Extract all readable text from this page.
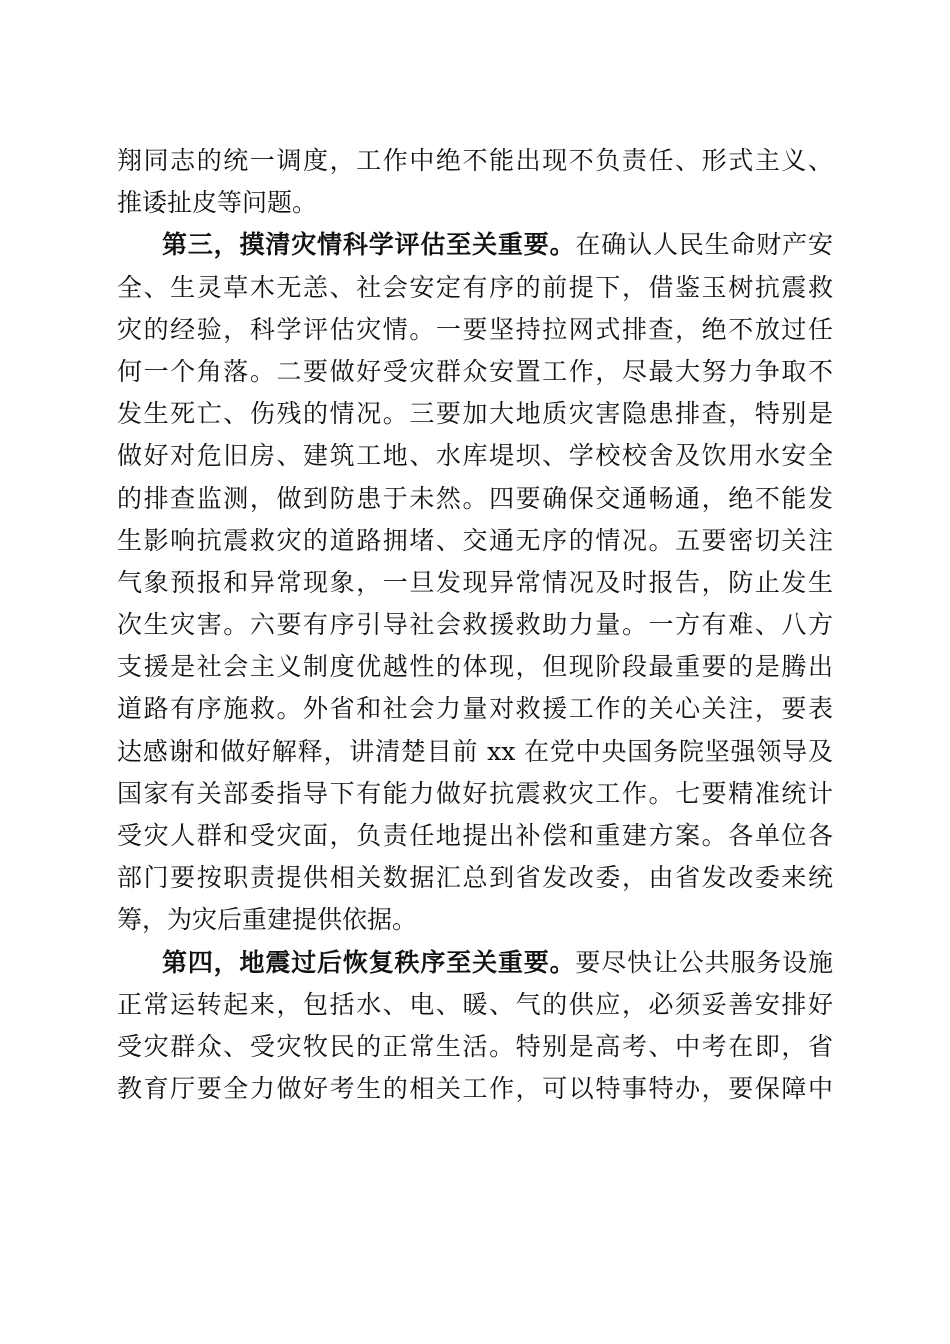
翔同志的统一调度，工作中绝不能出现不负责任、形式主义、
推诿扯皮等问题。
第三，摸清灾情科学评估至关重要。在确认人民生命财产安
全、生灵草木无恙、社会安定有序的前提下，借鉴玉树抗震救
灾的经验，科学评估灾情。一要坚持拉网式排查，绝不放过任
何一个角落。二要做好受灾群众安置工作，尽最大努力争取不
发生死亡、伤残的情况。三要加大地质灾害隐患排查，特别是
做好对危旧房、建筑工地、水库堤坝、学校校舍及饮用水安全
的排查监测，做到防患于未然。四要确保交通畅通，绝不能发
生影响抗震救灾的道路拥堵、交通无序的情况。五要密切关注
气象预报和异常现象，一旦发现异常情况及时报告，防止发生
次生灾害。六要有序引导社会救援救助力量。一方有难、八方
支援是社会主义制度优越性的体现，但现阶段最重要的是腾出
道路有序施救。外省和社会力量对救援工作的关心关注，要表
达感谢和做好解释，讲清楚目前 xx 在党中央国务院坚强领导及
国家有关部委指导下有能力做好抗震救灾工作。七要精准统计
受灾人群和受灾面，负责任地提出补偿和重建方案。各单位各
部门要按职责提供相关数据汇总到省发改委，由省发改委来统
筹，为灾后重建提供依据。
第四，地震过后恢复秩序至关重要。要尽快让公共服务设施
正常运转起来，包括水、电、暖、气的供应，必须妥善安排好
受灾群众、受灾牧民的正常生活。特别是高考、中考在即，省
教育厅要全力做好考生的相关工作，可以特事特办，要保障中
